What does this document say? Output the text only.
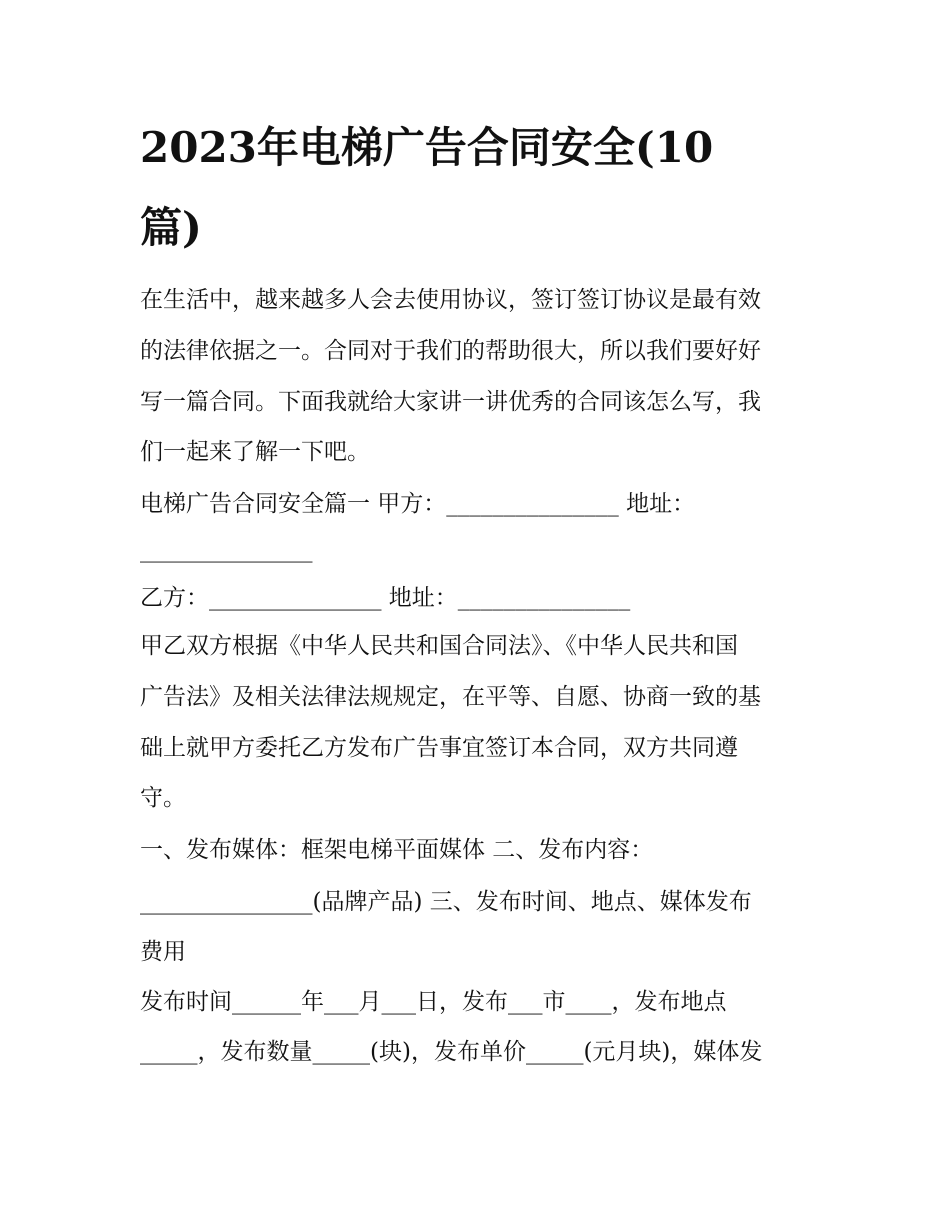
2023年电梯广告合同安全(10
篇)
在生活中，越来越多人会去使用协议，签订签订协议是最有效
的法律依据之一。合同对于我们的帮助很大，所以我们要好好
写一篇合同。下面我就给大家讲一讲优秀的合同该怎么写，我
们一起来了解一下吧。
电梯广告合同安全篇一 甲方：_______________ 地址：
_______________
乙方：_______________ 地址：_______________
甲乙双方根据《中华人民共和国合同法》、《中华人民共和国
广告法》及相关法律法规规定，在平等、自愿、协商一致的基
础上就甲方委托乙方发布广告事宜签订本合同，双方共同遵
守。
一、发布媒体：框架电梯平面媒体 二、发布内容：
_______________(品牌产品) 三、发布时间、地点、媒体发布
费用
发布时间______年___月___日，发布___市____，发布地点
_____，发布数量_____(块)，发布单价_____(元月块)，媒体发
